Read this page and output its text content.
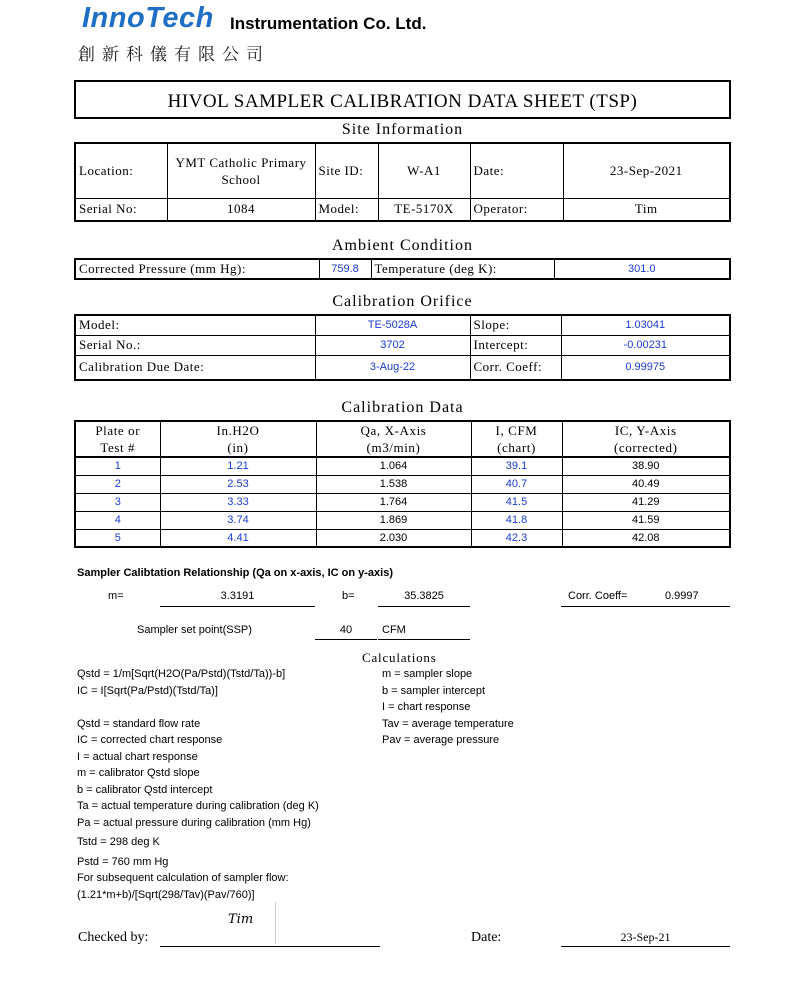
InnoTech Instrumentation Co. Ltd.
創新科儀有限公司
HIVOL SAMPLER CALIBRATION DATA SHEET (TSP)
Site Information
Location:	YMT Catholic Primary School	Site ID:	W-A1	Date:	23-Sep-2021
Serial No:	1084	Model:	TE-5170X	Operator:	Tim
Ambient Condition
Corrected Pressure (mm Hg):	759.8	Temperature (deg K):	301.0
Calibration Orifice
Model:	TE-5028A	Slope:	1.03041
Serial No.:	3702	Intercept:	-0.00231
Calibration Due Date:	3-Aug-22	Corr. Coeff:	0.99975
Calibration Data
Plate or	In.H2O	Qa, X-Axis	I, CFM	IC, Y-Axis
Test #	(in)	(m3/min)	(chart)	(corrected)
1	1.21	1.064	39.1	38.90
2	2.53	1.538	40.7	40.49
3	3.33	1.764	41.5	41.29
4	3.74	1.869	41.8	41.59
5	4.41	2.030	42.3	42.08
Sampler Calibtation Relationship (Qa on x-axis, IC on y-axis)
m=	3.3191	b=	35.3825	Corr. Coeff=	0.9997
Sampler set point(SSP)	40	CFM
Calculations
Qstd = 1/m[Sqrt(H2O(Pa/Pstd)(Tstd/Ta))-b]
IC = I[Sqrt(Pa/Pstd)(Tstd/Ta)]
Qstd = standard flow rate
IC = corrected chart response
I = actual chart response
m = calibrator Qstd slope
b = calibrator Qstd intercept
Ta = actual temperature during calibration (deg K)
Pa = actual pressure during calibration (mm Hg)
Tstd = 298 deg K
Pstd = 760 mm Hg
For subsequent calculation of sampler flow:
(1.21*m+b)/[Sqrt(298/Tav)(Pav/760)]
m = sampler slope
b = sampler intercept
I = chart response
Tav = average temperature
Pav = average pressure
Tim
Checked by:	Date:	23-Sep-21
